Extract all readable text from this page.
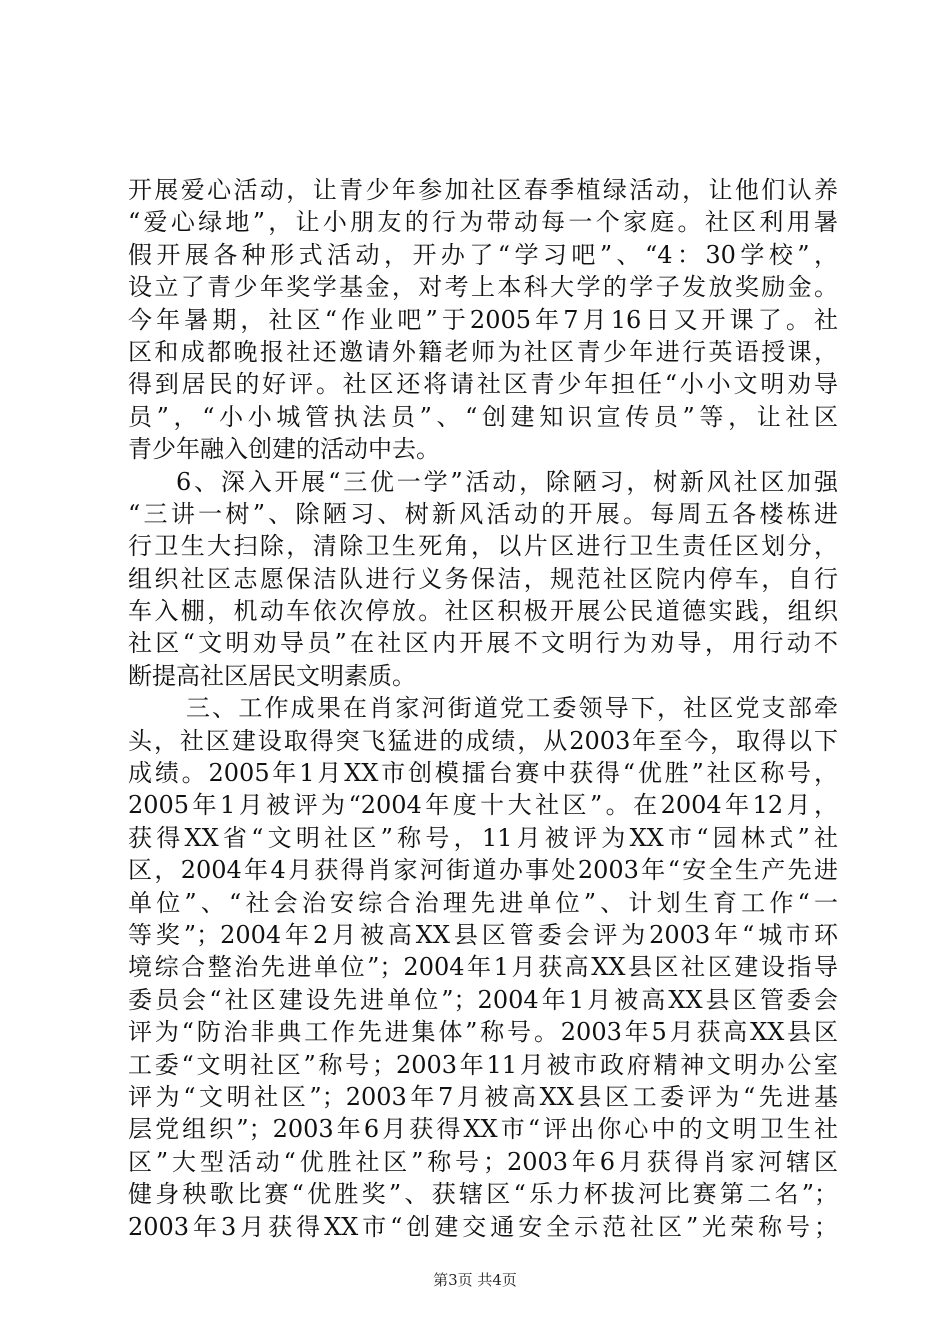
开展爱心活动，让青少年参加社区春季植绿活动，让他们认养
“爱心绿地”，让小朋友的行为带动每一个家庭。社区利用暑
假开展各种形式活动，开办了“学习吧”、“4：30学校”，
设立了青少年奖学基金，对考上本科大学的学子发放奖励金。
今年暑期，社区“作业吧”于2005年7月16日又开课了。社
区和成都晚报社还邀请外籍老师为社区青少年进行英语授课，
得到居民的好评。社区还将请社区青少年担任“小小文明劝导
员”，“小小城管执法员”、“创建知识宣传员”等，让社区
青少年融入创建的活动中去。
6、深入开展“三优一学”活动，除陋习，树新风社区加强
“三讲一树”、除陋习、树新风活动的开展。每周五各楼栋进
行卫生大扫除，清除卫生死角，以片区进行卫生责任区划分，
组织社区志愿保洁队进行义务保洁，规范社区院内停车，自行
车入棚，机动车依次停放。社区积极开展公民道德实践，组织
社区“文明劝导员”在社区内开展不文明行为劝导，用行动不
断提高社区居民文明素质。
三、工作成果在肖家河街道党工委领导下，社区党支部牵
头，社区建设取得突飞猛进的成绩，从2003年至今，取得以下
成绩。2005年1月XX市创模擂台赛中获得“优胜”社区称号，
2005年1月被评为“2004年度十大社区”。在2004年12月，
获得XX省“文明社区”称号，11月被评为XX市“园林式”社
区，2004年4月获得肖家河街道办事处2003年“安全生产先进
单位”、“社会治安综合治理先进单位”、计划生育工作“一
等奖”；2004年2月被高XX县区管委会评为2003年“城市环
境综合整治先进单位”；2004年1月获高XX县区社区建设指导
委员会“社区建设先进单位”；2004年1月被高XX县区管委会
评为“防治非典工作先进集体”称号。2003年5月获高XX县区
工委“文明社区”称号；2003年11月被市政府精神文明办公室
评为“文明社区”；2003年7月被高XX县区工委评为“先进基
层党组织”；2003年6月获得XX市“评出你心中的文明卫生社
区”大型活动“优胜社区”称号；2003年6月获得肖家河辖区
健身秧歌比赛“优胜奖”、获辖区“乐力杯拔河比赛第二名”；
2003年3月获得XX市“创建交通安全示范社区”光荣称号；
第3页 共4页
